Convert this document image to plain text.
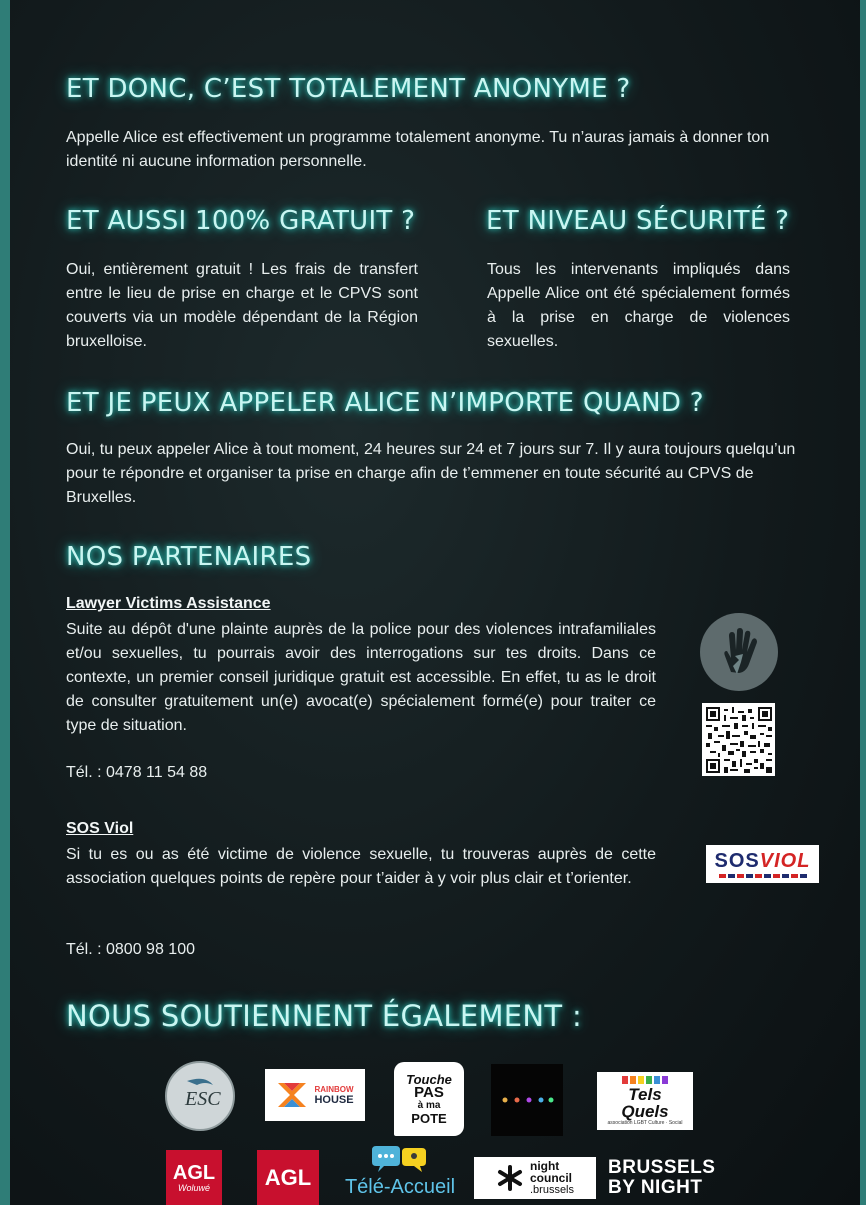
ET DONC, C’EST TOTALEMENT ANONYME ?

Appelle Alice est effectivement un programme totalement anonyme. Tu n’auras jamais à donner ton identité ni aucune information personnelle.

ET AUSSI 100% GRATUIT ?

Oui, entièrement gratuit ! Les frais de transfert entre le lieu de prise en charge et le CPVS sont couverts via un modèle dépendant de la Région bruxelloise.

ET NIVEAU SÉCURITÉ ?

Tous les intervenants impliqués dans Appelle Alice ont été spécialement formés à la prise en charge de violences sexuelles.

ET JE PEUX APPELER ALICE N’IMPORTE QUAND ?

Oui, tu peux appeler Alice à tout moment, 24 heures sur 24 et 7 jours sur 7. Il y aura toujours quelqu’un pour te répondre et organiser ta prise en charge afin de t’emmener en toute sécurité au CPVS de Bruxelles.

NOS PARTENAIRES

Lawyer Victims Assistance

Suite au dépôt d'une plainte auprès de la police pour des violences intrafamiliales et/ou sexuelles, tu pourrais avoir des interrogations sur tes droits. Dans ce contexte, un premier conseil juridique gratuit est accessible. En effet, tu as le droit de consulter gratuitement un(e) avocat(e) spécialement formé(e) pour traiter ce type de situation.

Tél. : 0478 11 54 88

SOS Viol

Si tu es ou as été victime de violence sexuelle, tu trouveras auprès de cette association quelques points de repère pour t’aider à y voir plus clair et t’orienter.

Tél. : 0800 98 100

SOSVIOL
NOUS SOUTIENNENT ÉGALEMENT :
ESC	RAINBOW
HOUSE
Touche
PAS
à ma
POTE
Tels
Quels
association LGBT Culture · Social
AGL
Woluwé AGL Télé-Accueil
night
council
.brussels
BRUSSELS
BY NIGHT
